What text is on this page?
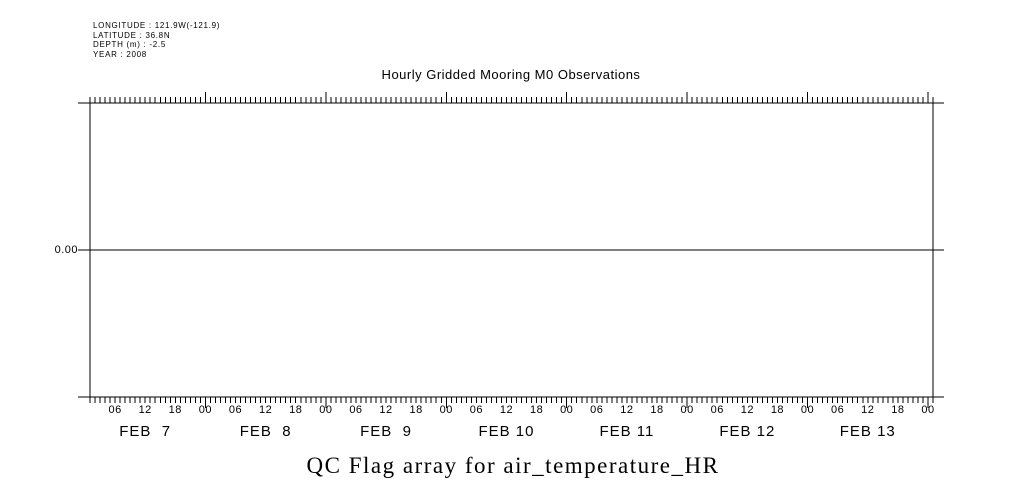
LONGITUDE : 121.9W(-121.9)
LATITUDE : 36.8N
DEPTH (m) : -2.5
YEAR : 2008
Hourly Gridded Mooring M0 Observations
0.00
06 12 18 00 06 12 18 00 06 12 18 00 06 12 18 00 06 12 18 00 06 12 18 00 06 12 18 00
FEB  7	FEB  8	FEB  9	FEB 10	FEB 11	FEB 12	FEB 13
QC Flag array for air_temperature_HR
